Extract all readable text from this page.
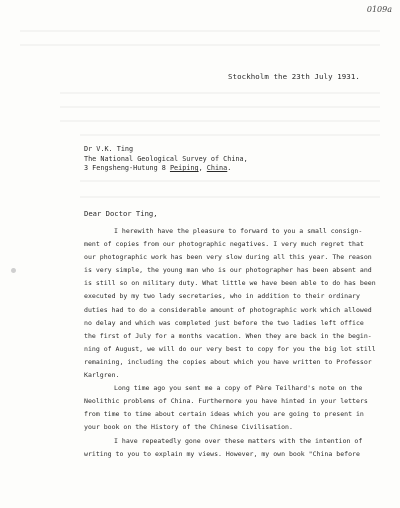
0109a
Stockholm the 23th July 1931.
Dr V.K. Ting
The National Geological Survey of China,
3 Fengsheng-Hutung 8 Peiping, China.
Dear Doctor Ting,
I herewith have the pleasure to forward to you a small consign-
ment of copies from our photographic negatives. I very much regret that
our photographic work has been very slow during all this year. The reason
is very simple, the young man who is our photographer has been absent and
is still so on military duty. What little we have been able to do has been
executed by my two lady secretaries, who in addition to their ordinary
duties had to do a considerable amount of photographic work which allowed
no delay and which was completed just before the two ladies left office
the first of July for a months vacation. When they are back in the begin-
ning of August, we will do our very best to copy for you the big lot still
remaining, including the copies about which you have written to Professor
Karlgren.
Long time ago you sent me a copy of Père Teilhard's note on the
Neolithic problems of China. Furthermore you have hinted in your letters
from time to time about certain ideas which you are going to present in
your book on the History of the Chinese Civilisation.
I have repeatedly gone over these matters with the intention of
writing to you to explain my views. However, my own book "China before
